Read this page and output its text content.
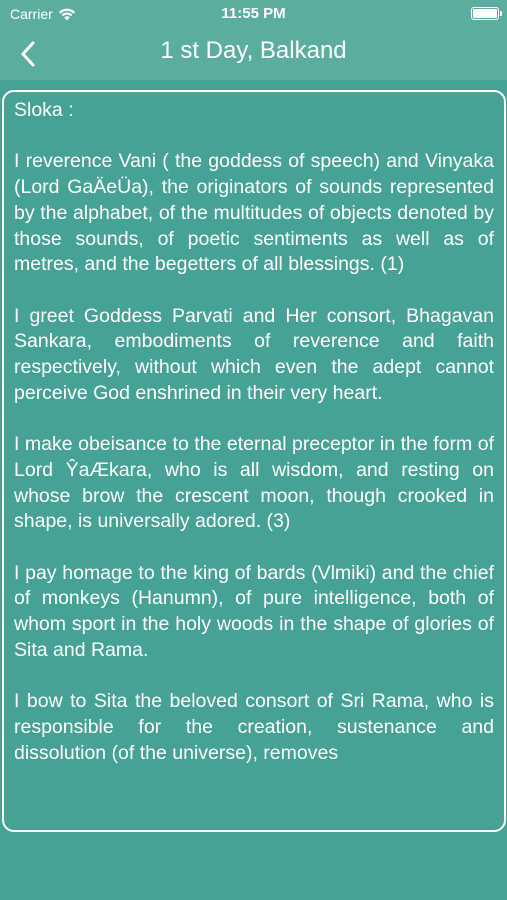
Carrier	11:55 PM
1 st Day, Balkand
Sloka :

I reverence Vani ( the goddess of speech) and Vinyaka (Lord GaÄeÜa), the originators of sounds represented by the alphabet, of the multitudes of objects denoted by those sounds, of poetic sentiments as well as of metres, and the begetters of all blessings. (1)

I greet Goddess Parvati and Her consort, Bhagavan Sankara, embodiments of reverence and faith respectively, without which even the adept cannot perceive God enshrined in their very heart.

I make obeisance to the eternal preceptor in the form of Lord ŶaÆkara, who is all wisdom, and resting on whose brow the crescent moon, though crooked in shape, is universally adored. (3)

I pay homage to the king of bards (Vlmiki) and the chief of monkeys (Hanumn), of pure intelligence, both of whom sport in the holy woods in the shape of glories of Sita and Rama.

I bow to Sita the beloved consort of Sri Rama, who is responsible for the creation, sustenance and dissolution (of the universe), removes
